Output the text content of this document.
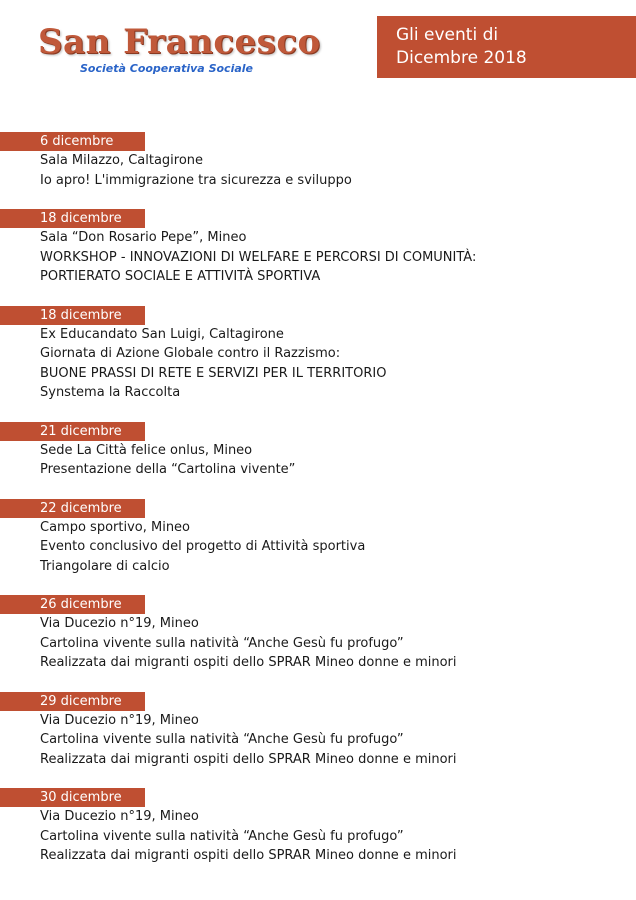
San Francesco
Società Cooperativa Sociale
Gli eventi di
Dicembre 2018
6 dicembre
Sala Milazzo, Caltagirone
Io apro! L'immigrazione tra sicurezza e sviluppo
18 dicembre
Sala “Don Rosario Pepe”, Mineo
WORKSHOP - INNOVAZIONI DI WELFARE E PERCORSI DI COMUNITÀ:
PORTIERATO SOCIALE E ATTIVITÀ SPORTIVA
18 dicembre
Ex Educandato San Luigi, Caltagirone
Giornata di Azione Globale contro il Razzismo:
BUONE PRASSI DI RETE E SERVIZI PER IL TERRITORIO
Synstema la Raccolta
21 dicembre
Sede La Città felice onlus, Mineo
Presentazione della “Cartolina vivente”
22 dicembre
Campo sportivo, Mineo
Evento conclusivo del progetto di Attività sportiva
Triangolare di calcio
26 dicembre
Via Ducezio n°19, Mineo
Cartolina vivente sulla natività “Anche Gesù fu profugo”
Realizzata dai migranti ospiti dello SPRAR Mineo donne e minori
29 dicembre
Via Ducezio n°19, Mineo
Cartolina vivente sulla natività “Anche Gesù fu profugo”
Realizzata dai migranti ospiti dello SPRAR Mineo donne e minori
30 dicembre
Via Ducezio n°19, Mineo
Cartolina vivente sulla natività “Anche Gesù fu profugo”
Realizzata dai migranti ospiti dello SPRAR Mineo donne e minori
